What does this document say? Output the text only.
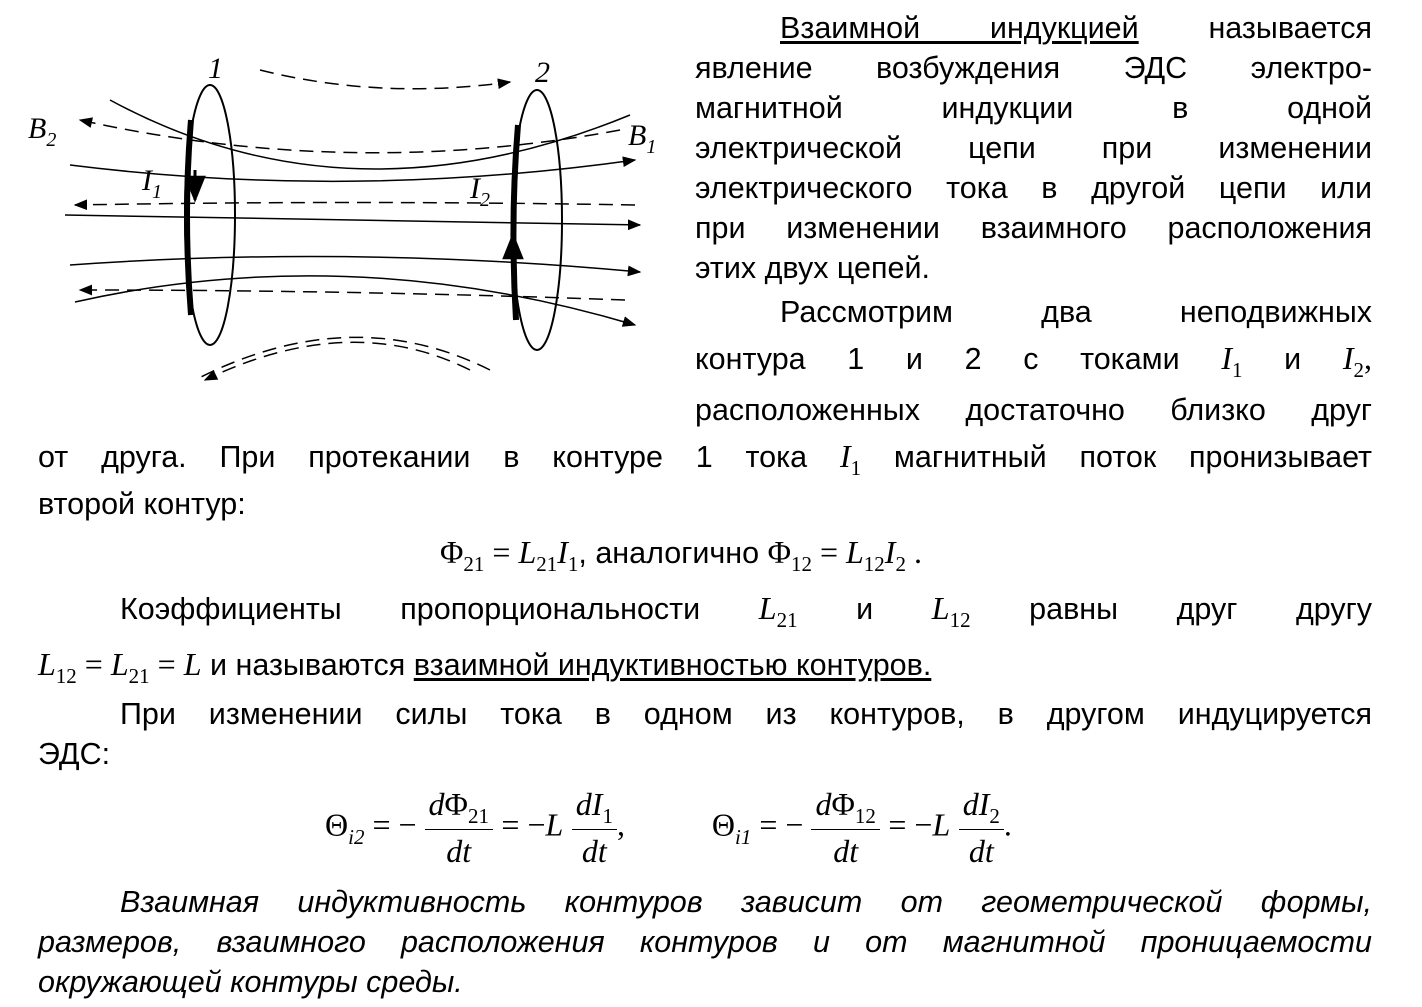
1	2
$B_2$	$B_1$
$I_1$	$I_2$
Взаимной индукцией называется
явление возбуждения ЭДС электро-
магнитной индукции в одной
электрической цепи при изменении
электрического тока в другой цепи или
при изменении взаимного расположения
этих двух цепей.
Рассмотрим два неподвижных
контура 1 и 2 с токами $I_1$ и $I_2$,
расположенных достаточно близко друг
от друга. При протекании в контуре 1 тока $I_1$ магнитный поток пронизывает
второй контур:
$\Phi_{21} = L_{21}I_1$, аналогично $\Phi_{12} = L_{12}I_2$ .
Коэффициенты пропорциональности $L_{21}$ и $L_{12}$ равны друг другу
$L_{12} = L_{21} = L$ и называются взаимной индуктивностью контуров.
При изменении силы тока в одном из контуров, в другом индуцируется
ЭДС:
$\Theta_{i2}$ = − $\frac{d\Phi_{21}}{dt} = -L \frac{dI_1}{dt}$ ,	$\Theta_{i1}$ = − $\frac{d\Phi_{12}}{dt} = -L \frac{dI_2}{dt}$ .
Взаимная индуктивность контуров зависит от геометрической формы,
размеров, взаимного расположения контуров и от магнитной проницаемости
окружающей контуры среды.
